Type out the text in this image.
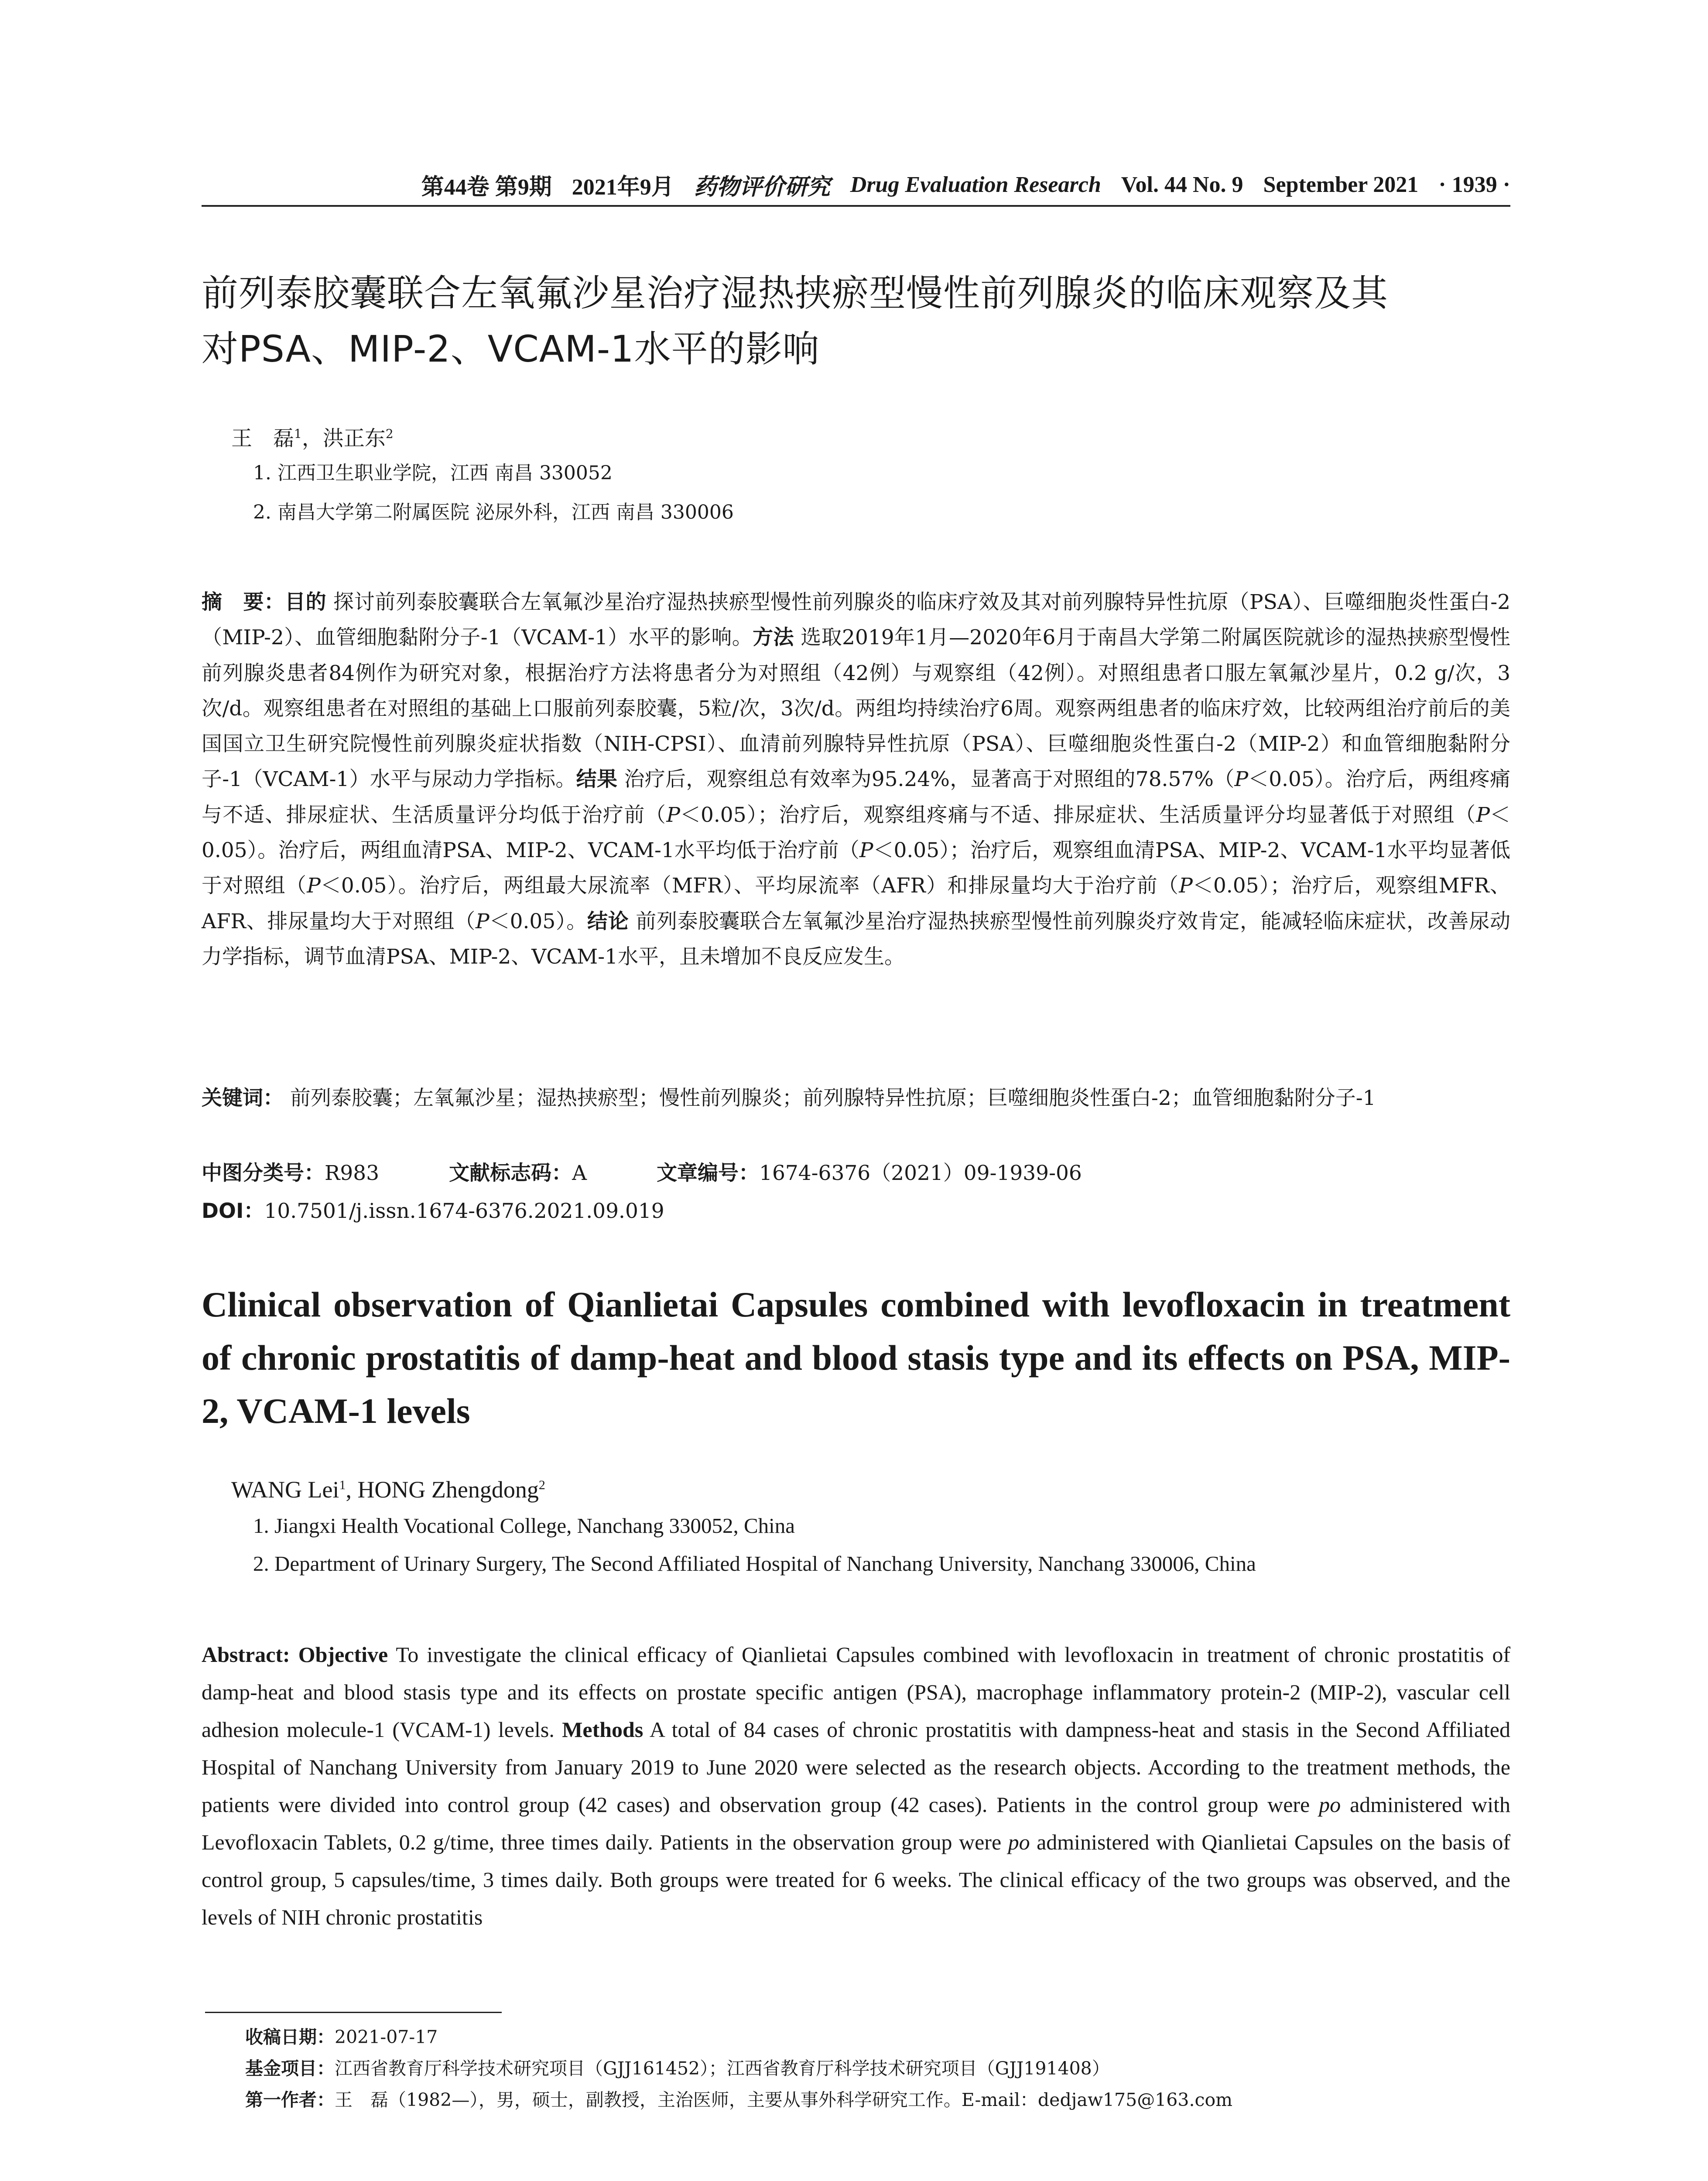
第44卷 第9期 2021年9月 药物评价研究 Drug Evaluation Research Vol. 44 No. 9 September 2021 · 1939 ·
前列泰胶囊联合左氧氟沙星治疗湿热挟瘀型慢性前列腺炎的临床观察及其
对PSA、MIP-2、VCAM-1水平的影响
王　磊$^1$，洪正东$^2$
1. 江西卫生职业学院，江西 南昌 330052
2. 南昌大学第二附属医院 泌尿外科，江西 南昌 330006
摘　要：目的 探讨前列泰胶囊联合左氧氟沙星治疗湿热挟瘀型慢性前列腺炎的临床疗效及其对前列腺特异性抗原（PSA）、巨噬细胞炎性蛋白-2（MIP-2）、血管细胞黏附分子-1（VCAM-1）水平的影响。方法 选取2019年1月—2020年6月于南昌大学第二附属医院就诊的湿热挟瘀型慢性前列腺炎患者84例作为研究对象，根据治疗方法将患者分为对照组（42例）与观察组（42例）。对照组患者口服左氧氟沙星片，0.2 g/次，3次/d。观察组患者在对照组的基础上口服前列泰胶囊，5粒/次，3次/d。两组均持续治疗6周。观察两组患者的临床疗效，比较两组治疗前后的美国国立卫生研究院慢性前列腺炎症状指数（NIH-CPSI）、血清前列腺特异性抗原（PSA）、巨噬细胞炎性蛋白-2（MIP-2）和血管细胞黏附分子-1（VCAM-1）水平与尿动力学指标。结果 治疗后，观察组总有效率为95.24%，显著高于对照组的78.57%（P＜0.05）。治疗后，两组疼痛与不适、排尿症状、生活质量评分均低于治疗前（P＜0.05）；治疗后，观察组疼痛与不适、排尿症状、生活质量评分均显著低于对照组（P＜0.05）。治疗后，两组血清PSA、MIP-2、VCAM-1水平均低于治疗前（P＜0.05）；治疗后，观察组血清PSA、MIP-2、VCAM-1水平均显著低于对照组（P＜0.05）。治疗后，两组最大尿流率（MFR）、平均尿流率（AFR）和排尿量均大于治疗前（P＜0.05）；治疗后，观察组MFR、AFR、排尿量均大于对照组（P＜0.05）。结论 前列泰胶囊联合左氧氟沙星治疗湿热挟瘀型慢性前列腺炎疗效肯定，能减轻临床症状，改善尿动力学指标，调节血清PSA、MIP-2、VCAM-1水平，且未增加不良反应发生。
关键词： 前列泰胶囊；左氧氟沙星；湿热挟瘀型；慢性前列腺炎；前列腺特异性抗原；巨噬细胞炎性蛋白-2；血管细胞黏附分子-1
中图分类号：R983	文献标志码：A	文章编号：1674-6376（2021）09-1939-06
DOI：10.7501/j.issn.1674-6376.2021.09.019
Clinical observation of Qianlietai Capsules combined with levofloxacin in treatment of chronic prostatitis of damp-heat and blood stasis type and its effects on PSA, MIP-2, VCAM-1 levels
WANG Lei$^1$, HONG Zhengdong$^2$
1. Jiangxi Health Vocational College, Nanchang 330052, China
2. Department of Urinary Surgery, The Second Affiliated Hospital of Nanchang University, Nanchang 330006, China
Abstract: Objective To investigate the clinical efficacy of Qianlietai Capsules combined with levofloxacin in treatment of chronic prostatitis of damp-heat and blood stasis type and its effects on prostate specific antigen (PSA), macrophage inflammatory protein-2 (MIP-2), vascular cell adhesion molecule-1 (VCAM-1) levels. Methods A total of 84 cases of chronic prostatitis with dampness-heat and stasis in the Second Affiliated Hospital of Nanchang University from January 2019 to June 2020 were selected as the research objects. According to the treatment methods, the patients were divided into control group (42 cases) and observation group (42 cases). Patients in the control group were po administered with Levofloxacin Tablets, 0.2 g/time, three times daily. Patients in the observation group were po administered with Qianlietai Capsules on the basis of control group, 5 capsules/time, 3 times daily. Both groups were treated for 6 weeks. The clinical efficacy of the two groups was observed, and the levels of NIH chronic prostatitis
收稿日期：2021-07-17
基金项目：江西省教育厅科学技术研究项目（GJJ161452）；江西省教育厅科学技术研究项目（GJJ191408）
第一作者：王　磊（1982—），男，硕士，副教授，主治医师，主要从事外科学研究工作。E-mail：dedjaw175@163.com
